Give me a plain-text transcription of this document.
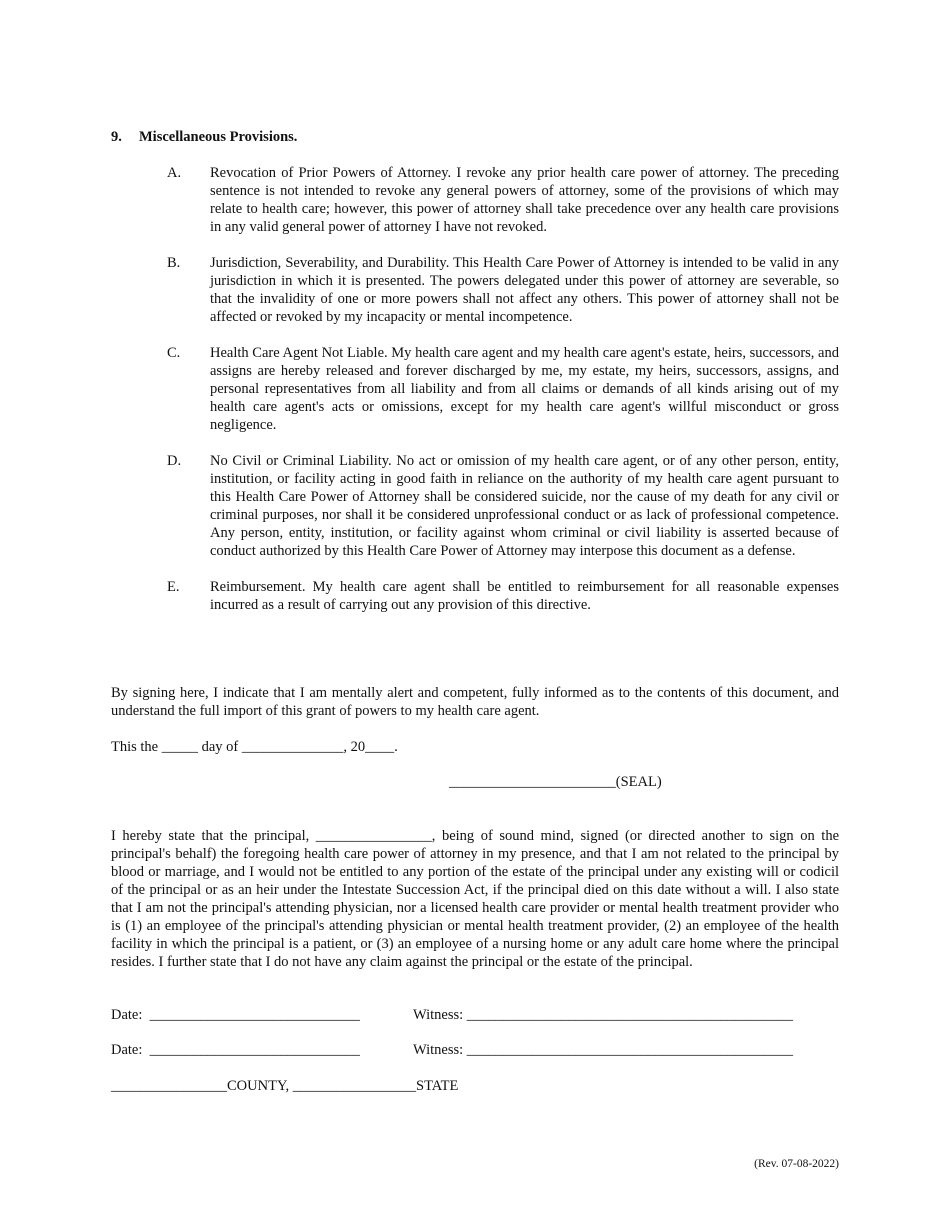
9. Miscellaneous Provisions.
A.	Revocation of Prior Powers of Attorney. I revoke any prior health care power of attorney. The preceding sentence is not intended to revoke any general powers of attorney, some of the provisions of which may relate to health care; however, this power of attorney shall take precedence over any health care provisions in any valid general power of attorney I have not revoked.
B.	Jurisdiction, Severability, and Durability. This Health Care Power of Attorney is intended to be valid in any jurisdiction in which it is presented. The powers delegated under this power of attorney are severable, so that the invalidity of one or more powers shall not affect any others. This power of attorney shall not be affected or revoked by my incapacity or mental incompetence.
C.	Health Care Agent Not Liable. My health care agent and my health care agent's estate, heirs, successors, and assigns are hereby released and forever discharged by me, my estate, my heirs, successors, assigns, and personal representatives from all liability and from all claims or demands of all kinds arising out of my health care agent's acts or omissions, except for my health care agent's willful misconduct or gross negligence.
D.	No Civil or Criminal Liability. No act or omission of my health care agent, or of any other person, entity, institution, or facility acting in good faith in reliance on the authority of my health care agent pursuant to this Health Care Power of Attorney shall be considered suicide, nor the cause of my death for any civil or criminal purposes, nor shall it be considered unprofessional conduct or as lack of professional competence. Any person, entity, institution, or facility against whom criminal or civil liability is asserted because of conduct authorized by this Health Care Power of Attorney may interpose this document as a defense.
E.	Reimbursement. My health care agent shall be entitled to reimbursement for all reasonable expenses incurred as a result of carrying out any provision of this directive.
By signing here, I indicate that I am mentally alert and competent, fully informed as to the contents of this document, and understand the full import of this grant of powers to my health care agent.
This the _____ day of ______________, 20____.
_______________________(SEAL)
I hereby state that the principal, ________________, being of sound mind, signed (or directed another to sign on the principal's behalf) the foregoing health care power of attorney in my presence, and that I am not related to the principal by blood or marriage, and I would not be entitled to any portion of the estate of the principal under any existing will or codicil of the principal or as an heir under the Intestate Succession Act, if the principal died on this date without a will. I also state that I am not the principal's attending physician, nor a licensed health care provider or mental health treatment provider who is (1) an employee of the principal's attending physician or mental health treatment provider, (2) an employee of the health facility in which the principal is a patient, or (3) an employee of a nursing home or any adult care home where the principal resides. I further state that I do not have any claim against the principal or the estate of the principal.
Date:  _____________________________	Witness: _____________________________________________
Date:  _____________________________	Witness: _____________________________________________
________________COUNTY, _________________STATE
(Rev. 07-08-2022)
